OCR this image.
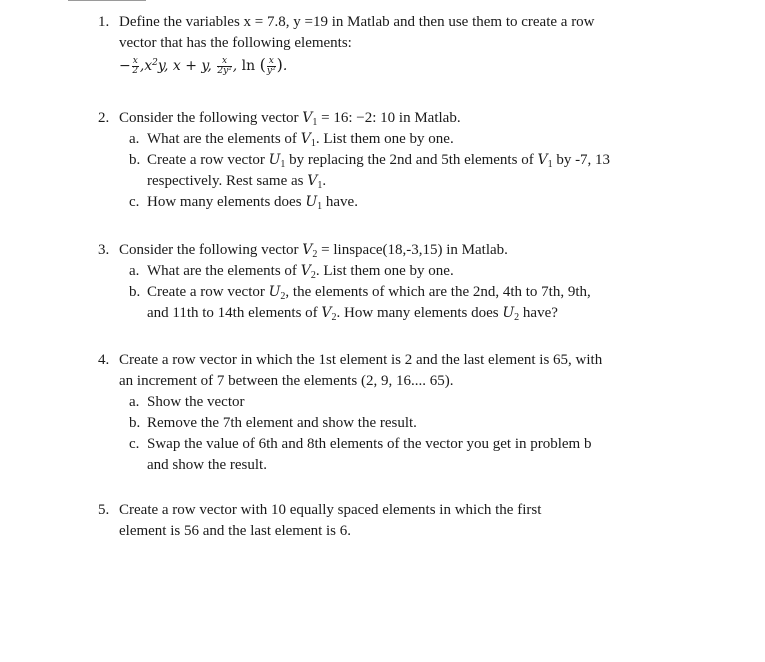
1. Define the variables x = 7.8, y =19 in Matlab and then use them to create a row
vector that has the following elements:
− $\frac{x}{2} ,x^2y$, x + y, $\frac{x}{\text{2y²}}$ , ln ( $\frac{x}{\text{y²}}$ ).
2. Consider the following vector $V_1 = 16$: −2: 10 in Matlab.
a. What are the elements of $V_1$. List them one by one.
b. Create a row vector $U_1$ by replacing the 2nd and 5th elements of $V_1$ by -7, 13
respectively. Rest same as $V_1$.
c. How many elements does $U_1$ have.
3. Consider the following vector $V_2$ = linspace(18,-3,15) in Matlab.
a. What are the elements of $V_2$. List them one by one.
b. Create a row vector $U_2$, the elements of which are the 2nd, 4th to 7th, 9th,
and 11th to 14th elements of $V_2$. How many elements does $U_2$ have?
4. Create a row vector in which the 1st element is 2 and the last element is 65, with
an increment of 7 between the elements (2, 9, 16.... 65).
a. Show the vector
b. Remove the 7th element and show the result.
c. Swap the value of 6th and 8th elements of the vector you get in problem b
and show the result.
5. Create a row vector with 10 equally spaced elements in which the first
element is 56 and the last element is 6.
